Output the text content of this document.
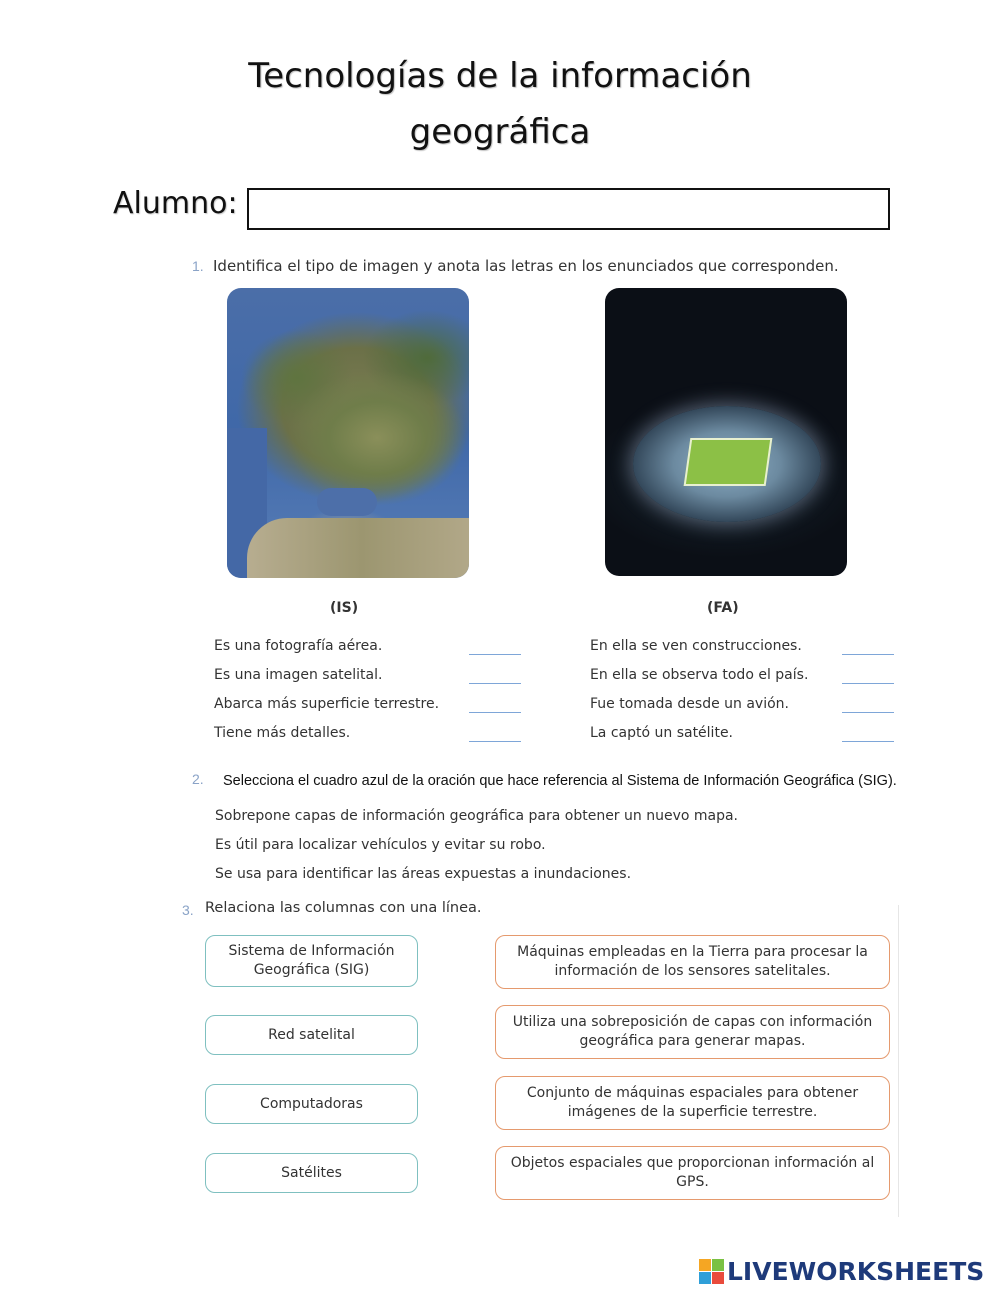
Tecnologías de la información
geográfica
Alumno:
1. Identifica el tipo de imagen y anota las letras en los enunciados que corresponden.
(IS)	(FA)
Es una fotografía aérea.
Es una imagen satelital.
Abarca más superficie terrestre.
Tiene más detalles.
En ella se ven construcciones.
En ella se observa todo el país.
Fue tomada desde un avión.
La captó un satélite.
2. Selecciona el cuadro azul de la oración que hace referencia al Sistema de Información Geográfica (SIG).
Sobrepone capas de información geográfica para obtener un nuevo mapa.
Es útil para localizar vehículos y evitar su robo.
Se usa para identificar las áreas expuestas a inundaciones.
3. Relaciona las columnas con una línea.
Sistema de Información Geográfica (SIG)
Red satelital
Computadoras
Satélites
Máquinas empleadas en la Tierra para procesar la información de los sensores satelitales.
Utiliza una sobreposición de capas con información geográfica para generar mapas.
Conjunto de máquinas espaciales para obtener imágenes de la superficie terrestre.
Objetos espaciales que proporcionan información al GPS.
LIVEWORKSHEETS
